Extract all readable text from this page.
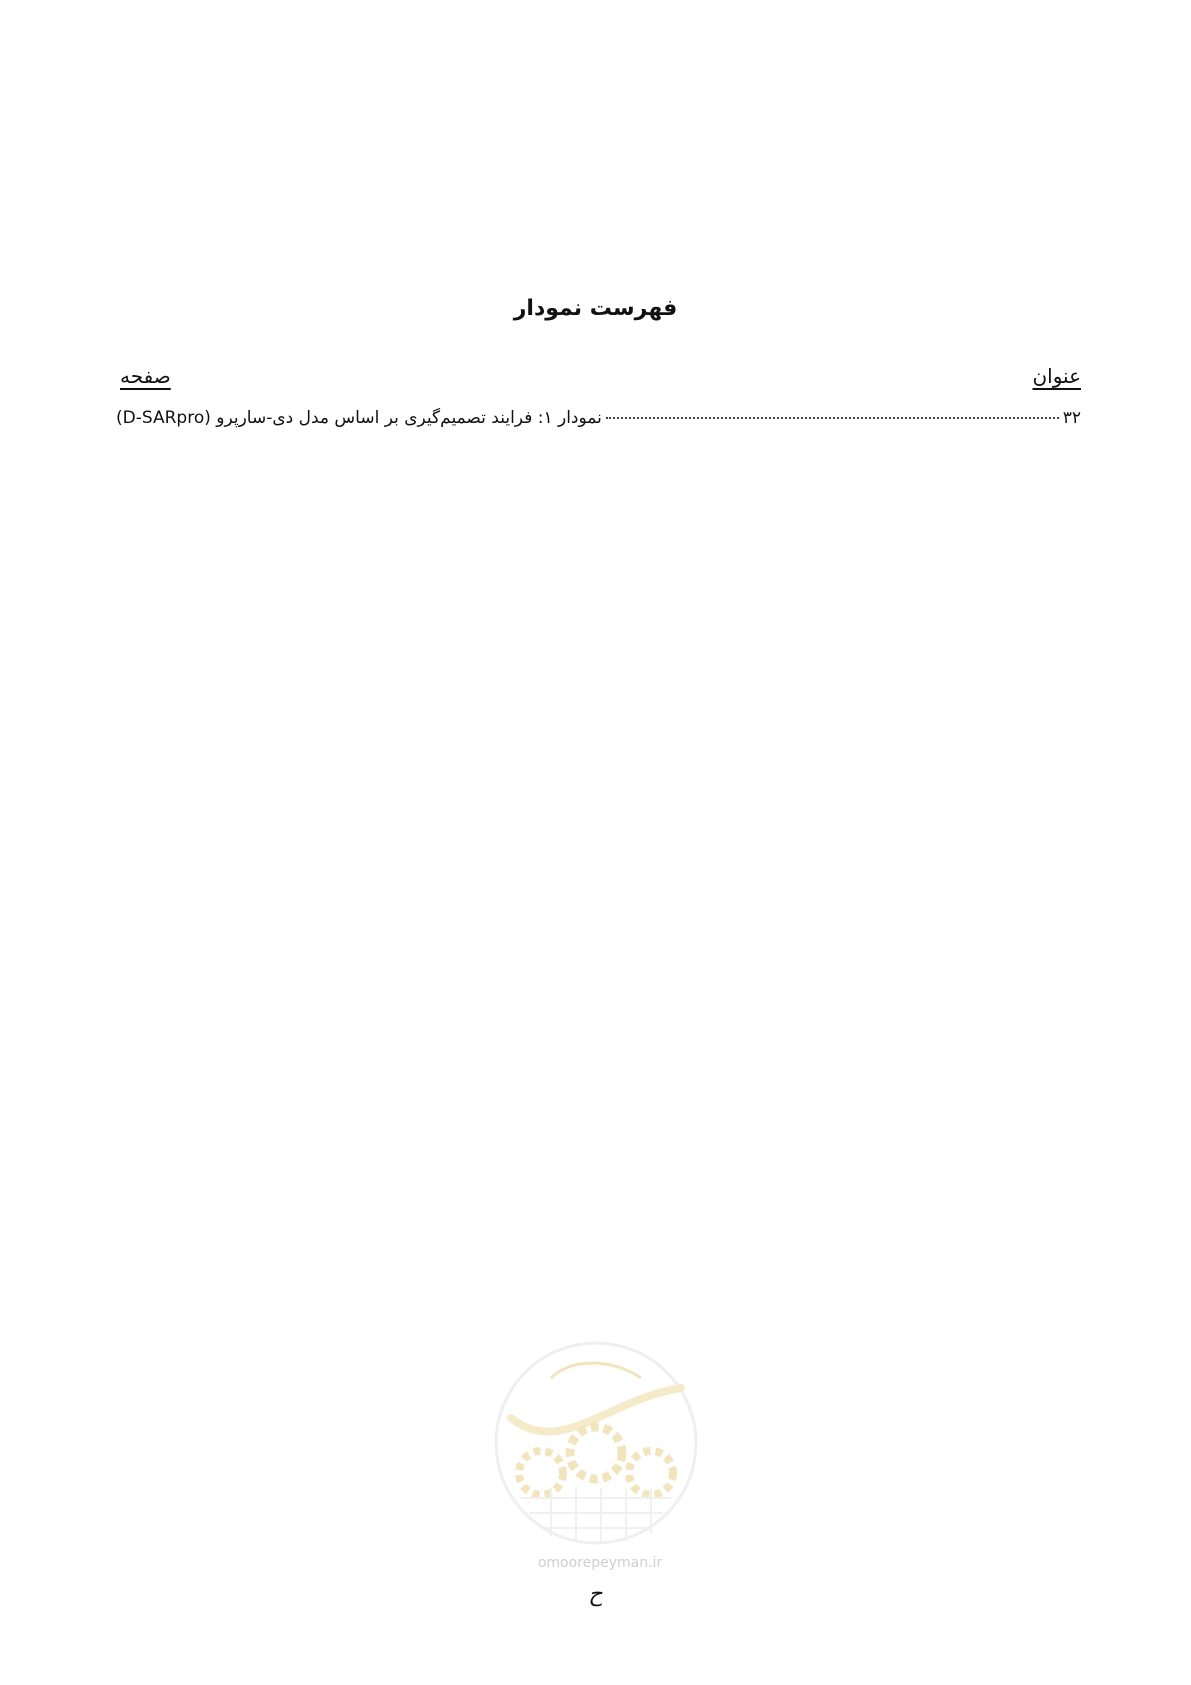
فهرست نمودار
عنوان
صفحه
نمودار ۱: فرایند تصمیم‌گیری بر اساس مدل دی-سارپرو (D-SARpro)	۳۲
omoorepeyman.ir
ح
